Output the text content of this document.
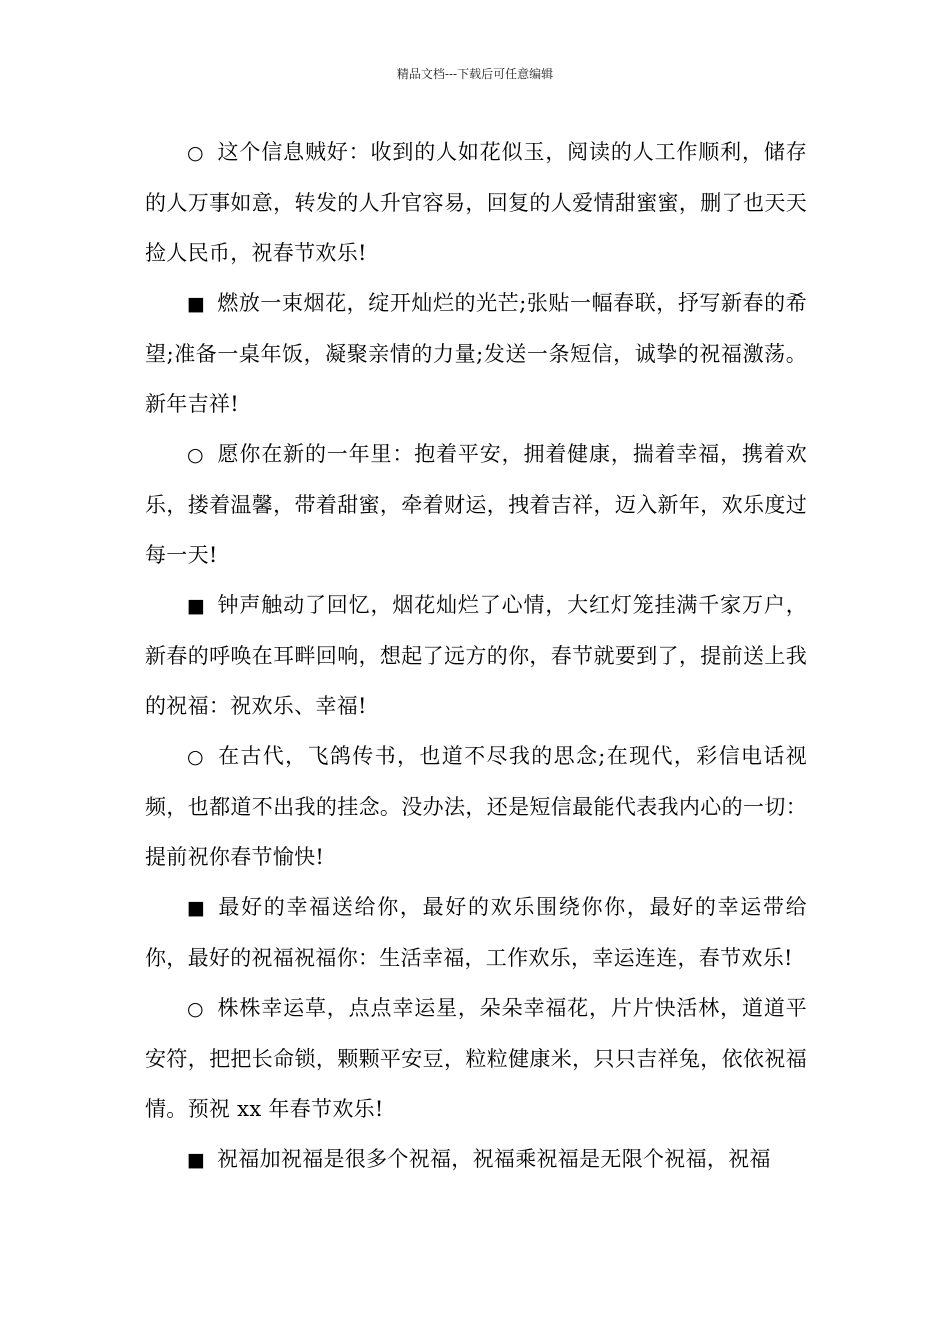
精品文档---下载后可任意编辑

○ 这个信息贼好：收到的人如花似玉，阅读的人工作顺利，储存的人万事如意，转发的人升官容易，回复的人爱情甜蜜蜜，删了也天天捡人民币，祝春节欢乐!

■ 燃放一束烟花，绽开灿烂的光芒;张贴一幅春联，抒写新春的希望;准备一桌年饭，凝聚亲情的力量;发送一条短信，诚挚的祝福激荡。新年吉祥!

○ 愿你在新的一年里：抱着平安，拥着健康，揣着幸福，携着欢乐，搂着温馨，带着甜蜜，牵着财运，拽着吉祥，迈入新年，欢乐度过每一天!

■ 钟声触动了回忆，烟花灿烂了心情，大红灯笼挂满千家万户，新春的呼唤在耳畔回响，想起了远方的你，春节就要到了，提前送上我的祝福：祝欢乐、幸福!

○ 在古代，飞鸽传书，也道不尽我的思念;在现代，彩信电话视频，也都道不出我的挂念。没办法，还是短信最能代表我内心的一切：提前祝你春节愉快!

■ 最好的幸福送给你，最好的欢乐围绕你你，最好的幸运带给你，最好的祝福祝福你：生活幸福，工作欢乐，幸运连连，春节欢乐!

○ 株株幸运草，点点幸运星，朵朵幸福花，片片快活林，道道平安符，把把长命锁，颗颗平安豆，粒粒健康米，只只吉祥兔，依依祝福情。预祝 xx 年春节欢乐!

■ 祝福加祝福是很多个祝福，祝福乘祝福是无限个祝福，祝福
